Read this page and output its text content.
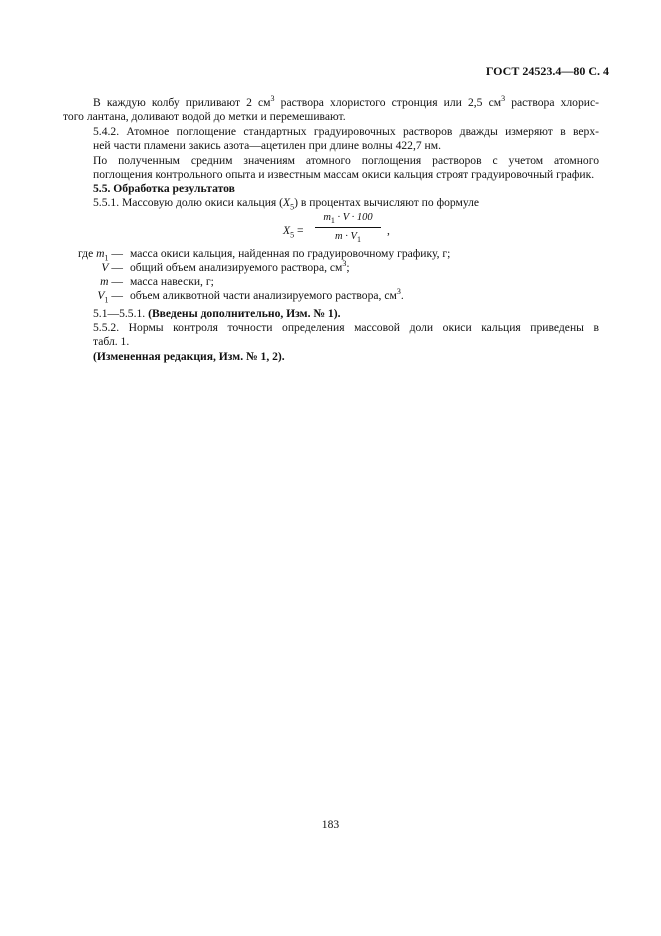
ГОСТ 24523.4—80 С. 4

В каждую колбу приливают 2 $см^3$ раствора хлористого стронция или 2,5 $см^3$ раствора хлорис-
того лантана, доливают водой до метки и перемешивают.

5.4.2. Атомное поглощение стандартных градуировочных растворов дважды измеряют в верх-
ней части пламени закись азота—ацетилен при длине волны 422,7 нм.

По полученным средним значениям атомного поглощения растворов с учетом атомного
поглощения контрольного опыта и известным массам окиси кальция строят градуировочный график.

5.5. Обработка результатов

5.5.1. Массовую долю окиси кальция $(X_5)$ в процентах вычисляют по формуле

$X_5$ =
$m_1 \cdot V \cdot 100$
$m \cdot V_1$
,
где $m_1$ — масса окиси кальция, найденная по градуировочному графику, г;
V — общий объем анализируемого раствора, $см^3$;
m — масса навески, г;
$V_1$ — объем аликвотной части анализируемого раствора, $см^3$.

5.1—5.5.1. (Введены дополнительно, Изм. № 1).

5.5.2. Нормы контроля точности определения массовой доли окиси кальция приведены в
табл. 1.

(Измененная редакция, Изм. № 1, 2).

183
